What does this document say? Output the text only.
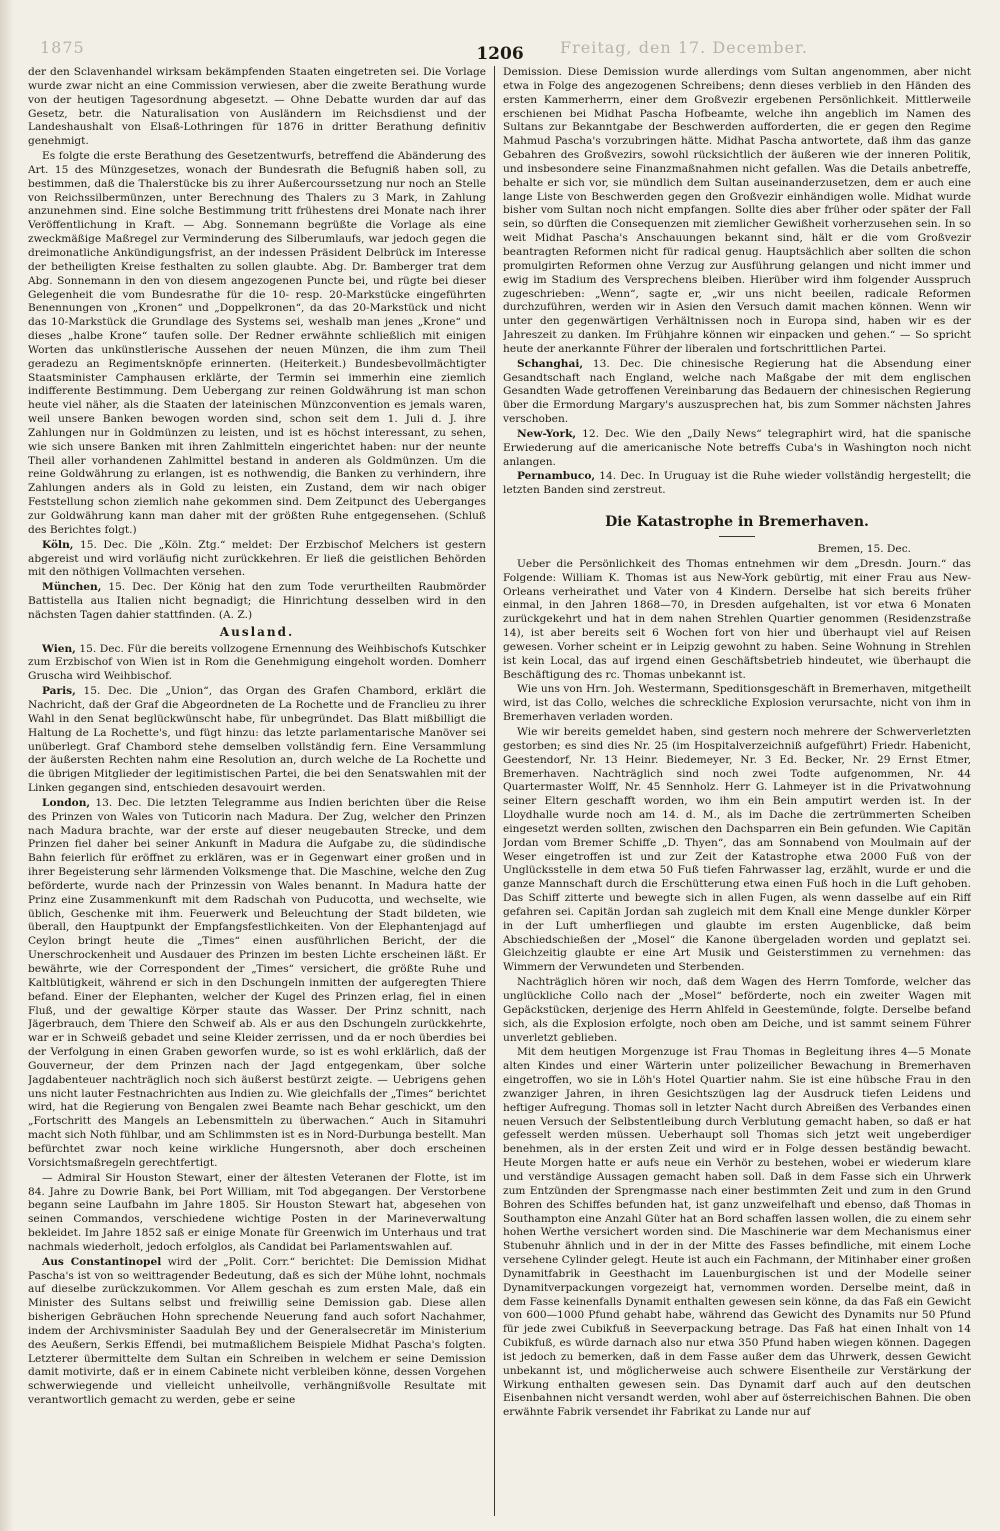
1875	Freitag, den 17. December.
1206

der den Sclavenhandel wirksam bekämpfenden Staaten eingetreten sei. Die Vorlage wurde zwar nicht an eine Commission verwiesen, aber die zweite Berathung wurde von der heutigen Tagesordnung abgesetzt. — Ohne Debatte wurden dar auf das Gesetz, betr. die Naturalisation von Ausländern im Reichsdienst und der Landeshaushalt von Elsaß-Lothringen für 1876 in dritter Berathung definitiv genehmigt.

Es folgte die erste Berathung des Gesetzentwurfs, betreffend die Abänderung des Art. 15 des Münzgesetzes, wonach der Bundesrath die Befugniß haben soll, zu bestimmen, daß die Thalerstücke bis zu ihrer Außercourssetzung nur noch an Stelle von Reichssilbermünzen, unter Berechnung des Thalers zu 3 Mark, in Zahlung anzunehmen sind. Eine solche Bestimmung tritt frühestens drei Monate nach ihrer Veröffentlichung in Kraft. — Abg. Sonnemann begrüßte die Vorlage als eine zweckmäßige Maßregel zur Verminderung des Silberumlaufs, war jedoch gegen die dreimonatliche Ankündigungsfrist, an der indessen Präsident Delbrück im Interesse der betheiligten Kreise festhalten zu sollen glaubte. Abg. Dr. Bamberger trat dem Abg. Sonnemann in den von diesem angezogenen Puncte bei, und rügte bei dieser Gelegenheit die vom Bundesrathe für die 10- resp. 20-Markstücke eingeführten Benennungen von „Kronen“ und „Doppelkronen“, da das 20-Markstück und nicht das 10-Markstück die Grundlage des Systems sei, weshalb man jenes „Krone“ und dieses „halbe Krone“ taufen solle. Der Redner erwähnte schließlich mit einigen Worten das unkünstlerische Aussehen der neuen Münzen, die ihm zum Theil geradezu an Regimentsknöpfe erinnerten. (Heiterkeit.) Bundesbevollmächtigter Staatsminister Camphausen erklärte, der Termin sei immerhin eine ziemlich indifferente Bestimmung. Dem Uebergang zur reinen Goldwährung ist man schon heute viel näher, als die Staaten der lateinischen Münzconvention es jemals waren, weil unsere Banken bewogen worden sind, schon seit dem 1. Juli d. J. ihre Zahlungen nur in Goldmünzen zu leisten, und ist es höchst interessant, zu sehen, wie sich unsere Banken mit ihren Zahlmitteln eingerichtet haben: nur der neunte Theil aller vorhandenen Zahlmittel bestand in anderen als Goldmünzen. Um die reine Goldwährung zu erlangen, ist es nothwendig, die Banken zu verhindern, ihre Zahlungen anders als in Gold zu leisten, ein Zustand, dem wir nach obiger Feststellung schon ziemlich nahe gekommen sind. Dem Zeitpunct des Ueberganges zur Goldwährung kann man daher mit der größten Ruhe entgegensehen. (Schluß des Berichtes folgt.)

Köln, 15. Dec. Die „Köln. Ztg.“ meldet: Der Erzbischof Melchers ist gestern abgereist und wird vorläufig nicht zurückkehren. Er ließ die geistlichen Behörden mit den nöthigen Vollmachten versehen.

München, 15. Dec. Der König hat den zum Tode verurtheilten Raubmörder Battistella aus Italien nicht begnadigt; die Hinrichtung desselben wird in den nächsten Tagen dahier stattfinden. (A. Z.)

Ausland.

Wien, 15. Dec. Für die bereits vollzogene Ernennung des Weihbischofs Kutschker zum Erzbischof von Wien ist in Rom die Genehmigung eingeholt worden. Domherr Gruscha wird Weihbischof.

Paris, 15. Dec. Die „Union“, das Organ des Grafen Chambord, erklärt die Nachricht, daß der Graf die Abgeordneten de La Rochette und de Franclieu zu ihrer Wahl in den Senat beglückwünscht habe, für unbegründet. Das Blatt mißbilligt die Haltung de La Rochette's, und fügt hinzu: das letzte parlamentarische Manöver sei unüberlegt. Graf Chambord stehe demselben vollständig fern. Eine Versammlung der äußersten Rechten nahm eine Resolution an, durch welche de La Rochette und die übrigen Mitglieder der legitimistischen Partei, die bei den Senatswahlen mit der Linken gegangen sind, entschieden desavouirt werden.

London, 13. Dec. Die letzten Telegramme aus Indien berichten über die Reise des Prinzen von Wales von Tuticorin nach Madura. Der Zug, welcher den Prinzen nach Madura brachte, war der erste auf dieser neugebauten Strecke, und dem Prinzen fiel daher bei seiner Ankunft in Madura die Aufgabe zu, die südindische Bahn feierlich für eröffnet zu erklären, was er in Gegenwart einer großen und in ihrer Begeisterung sehr lärmenden Volksmenge that. Die Maschine, welche den Zug beförderte, wurde nach der Prinzessin von Wales benannt. In Madura hatte der Prinz eine Zusammenkunft mit dem Radschah von Puducotta, und wechselte, wie üblich, Geschenke mit ihm. Feuerwerk und Beleuchtung der Stadt bildeten, wie überall, den Hauptpunkt der Empfangsfestlichkeiten. Von der Elephantenjagd auf Ceylon bringt heute die „Times“ einen ausführlichen Bericht, der die Unerschrockenheit und Ausdauer des Prinzen im besten Lichte erscheinen läßt. Er bewährte, wie der Correspondent der „Times“ versichert, die größte Ruhe und Kaltblütigkeit, während er sich in den Dschungeln inmitten der aufgeregten Thiere befand. Einer der Elephanten, welcher der Kugel des Prinzen erlag, fiel in einen Fluß, und der gewaltige Körper staute das Wasser. Der Prinz schnitt, nach Jägerbrauch, dem Thiere den Schweif ab. Als er aus den Dschungeln zurückkehrte, war er in Schweiß gebadet und seine Kleider zerrissen, und da er noch überdies bei der Verfolgung in einen Graben geworfen wurde, so ist es wohl erklärlich, daß der Gouverneur, der dem Prinzen nach der Jagd entgegenkam, über solche Jagdabenteuer nachträglich noch sich äußerst bestürzt zeigte. — Uebrigens gehen uns nicht lauter Festnachrichten aus Indien zu. Wie gleichfalls der „Times“ berichtet wird, hat die Regierung von Bengalen zwei Beamte nach Behar geschickt, um den „Fortschritt des Mangels an Lebensmitteln zu überwachen.“ Auch in Sitamuhri macht sich Noth fühlbar, und am Schlimmsten ist es in Nord-Durbunga bestellt. Man befürchtet zwar noch keine wirkliche Hungersnoth, aber doch erscheinen Vorsichtsmaßregeln gerechtfertigt.

— Admiral Sir Houston Stewart, einer der ältesten Veteranen der Flotte, ist im 84. Jahre zu Dowrie Bank, bei Port William, mit Tod abgegangen. Der Verstorbene begann seine Laufbahn im Jahre 1805. Sir Houston Stewart hat, abgesehen von seinen Commandos, verschiedene wichtige Posten in der Marineverwaltung bekleidet. Im Jahre 1852 saß er einige Monate für Greenwich im Unterhaus und trat nachmals wiederholt, jedoch erfolglos, als Candidat bei Parlamentswahlen auf.

Aus Constantinopel wird der „Polit. Corr.“ berichtet: Die Demission Midhat Pascha's ist von so weittragender Bedeutung, daß es sich der Mühe lohnt, nochmals auf dieselbe zurückzukommen. Vor Allem geschah es zum ersten Male, daß ein Minister des Sultans selbst und freiwillig seine Demission gab. Diese allen bisherigen Gebräuchen Hohn sprechende Neuerung fand auch sofort Nachahmer, indem der Archivsminister Saadulah Bey und der Generalsecretär im Ministerium des Aeußern, Serkis Effendi, bei mutmaßlichem Beispiele Midhat Pascha's folgten. Letzterer übermittelte dem Sultan ein Schreiben in welchem er seine Demission damit motivirte, daß er in einem Cabinete nicht verbleiben könne, dessen Vorgehen schwerwiegende und vielleicht unheilvolle, verhängnißvolle Resultate mit verantwortlich gemacht zu werden, gebe er seine

Demission. Diese Demission wurde allerdings vom Sultan angenommen, aber nicht etwa in Folge des angezogenen Schreibens; denn dieses verblieb in den Händen des ersten Kammerherrn, einer dem Großvezir ergebenen Persönlichkeit. Mittlerweile erschienen bei Midhat Pascha Hofbeamte, welche ihn angeblich im Namen des Sultans zur Bekanntgabe der Beschwerden aufforderten, die er gegen den Regime Mahmud Pascha's vorzubringen hätte. Midhat Pascha antwortete, daß ihm das ganze Gebahren des Großvezirs, sowohl rücksichtlich der äußeren wie der inneren Politik, und insbesondere seine Finanzmaßnahmen nicht gefallen. Was die Details anbetreffe, behalte er sich vor, sie mündlich dem Sultan auseinanderzusetzen, dem er auch eine lange Liste von Beschwerden gegen den Großvezir einhändigen wolle. Midhat wurde bisher vom Sultan noch nicht empfangen. Sollte dies aber früher oder später der Fall sein, so dürften die Consequenzen mit ziemlicher Gewißheit vorherzusehen sein. In so weit Midhat Pascha's Anschauungen bekannt sind, hält er die vom Großvezir beantragten Reformen nicht für radical genug. Hauptsächlich aber sollten die schon promulgirten Reformen ohne Verzug zur Ausführung gelangen und nicht immer und ewig im Stadium des Versprechens bleiben. Hierüber wird ihm folgender Ausspruch zugeschrieben: „Wenn“, sagte er, „wir uns nicht beeilen, radicale Reformen durchzuführen, werden wir in Asien den Versuch damit machen können. Wenn wir unter den gegenwärtigen Verhältnissen noch in Europa sind, haben wir es der Jahreszeit zu danken. Im Frühjahre können wir einpacken und gehen.“ — So spricht heute der anerkannte Führer der liberalen und fortschrittlichen Partei.

Schanghai, 13. Dec. Die chinesische Regierung hat die Absendung einer Gesandtschaft nach England, welche nach Maßgabe der mit dem englischen Gesandten Wade getroffenen Vereinbarung das Bedauern der chinesischen Regierung über die Ermordung Margary's auszusprechen hat, bis zum Sommer nächsten Jahres verschoben.

New-York, 12. Dec. Wie den „Daily News“ telegraphirt wird, hat die spanische Erwiederung auf die americanische Note betreffs Cuba's in Washington noch nicht anlangen.

Pernambuco, 14. Dec. In Uruguay ist die Ruhe wieder vollständig hergestellt; die letzten Banden sind zerstreut.

Die Katastrophe in Bremerhaven.

Bremen, 15. Dec.

Ueber die Persönlichkeit des Thomas entnehmen wir dem „Dresdn. Journ.“ das Folgende: William K. Thomas ist aus New-York gebürtig, mit einer Frau aus New-Orleans verheirathet und Vater von 4 Kindern. Derselbe hat sich bereits früher einmal, in den Jahren 1868—70, in Dresden aufgehalten, ist vor etwa 6 Monaten zurückgekehrt und hat in dem nahen Strehlen Quartier genommen (Residenzstraße 14), ist aber bereits seit 6 Wochen fort von hier und überhaupt viel auf Reisen gewesen. Vorher scheint er in Leipzig gewohnt zu haben. Seine Wohnung in Strehlen ist kein Local, das auf irgend einen Geschäftsbetrieb hindeutet, wie überhaupt die Beschäftigung des rc. Thomas unbekannt ist.

Wie uns von Hrn. Joh. Westermann, Speditionsgeschäft in Bremerhaven, mitgetheilt wird, ist das Collo, welches die schreckliche Explosion verursachte, nicht von ihm in Bremerhaven verladen worden.

Wie wir bereits gemeldet haben, sind gestern noch mehrere der Schwerverletzten gestorben; es sind dies Nr. 25 (im Hospitalverzeichniß aufgeführt) Friedr. Habenicht, Geestendorf, Nr. 13 Heinr. Biedemeyer, Nr. 3 Ed. Becker, Nr. 29 Ernst Etmer, Bremerhaven. Nachträglich sind noch zwei Todte aufgenommen, Nr. 44 Quartermaster Wolff, Nr. 45 Sennholz. Herr G. Lahmeyer ist in die Privatwohnung seiner Eltern geschafft worden, wo ihm ein Bein amputirt werden ist. In der Lloydhalle wurde noch am 14. d. M., als im Dache die zertrümmerten Scheiben eingesetzt werden sollten, zwischen den Dachsparren ein Bein gefunden. Wie Capitän Jordan vom Bremer Schiffe „D. Thyen“, das am Sonnabend von Moulmain auf der Weser eingetroffen ist und zur Zeit der Katastrophe etwa 2000 Fuß von der Unglücksstelle in dem etwa 50 Fuß tiefen Fahrwasser lag, erzählt, wurde er und die ganze Mannschaft durch die Erschütterung etwa einen Fuß hoch in die Luft gehoben. Das Schiff zitterte und bewegte sich in allen Fugen, als wenn dasselbe auf ein Riff gefahren sei. Capitän Jordan sah zugleich mit dem Knall eine Menge dunkler Körper in der Luft umherfliegen und glaubte im ersten Augenblicke, daß beim Abschiedschießen der „Mosel“ die Kanone übergeladen worden und geplatzt sei. Gleichzeitig glaubte er eine Art Musik und Geisterstimmen zu vernehmen: das Wimmern der Verwundeten und Sterbenden.

Nachträglich hören wir noch, daß dem Wagen des Herrn Tomforde, welcher das unglückliche Collo nach der „Mosel“ beförderte, noch ein zweiter Wagen mit Gepäckstücken, derjenige des Herrn Ahlfeld in Geestemünde, folgte. Derselbe befand sich, als die Explosion erfolgte, noch oben am Deiche, und ist sammt seinem Führer unverletzt geblieben.

Mit dem heutigen Morgenzuge ist Frau Thomas in Begleitung ihres 4—5 Monate alten Kindes und einer Wärterin unter polizeilicher Bewachung in Bremerhaven eingetroffen, wo sie in Löh's Hotel Quartier nahm. Sie ist eine hübsche Frau in den zwanziger Jahren, in ihren Gesichtszügen lag der Ausdruck tiefen Leidens und heftiger Aufregung. Thomas soll in letzter Nacht durch Abreißen des Verbandes einen neuen Versuch der Selbstentleibung durch Verblutung gemacht haben, so daß er hat gefesselt werden müssen. Ueberhaupt soll Thomas sich jetzt weit ungeberdiger benehmen, als in der ersten Zeit und wird er in Folge dessen beständig bewacht. Heute Morgen hatte er aufs neue ein Verhör zu bestehen, wobei er wiederum klare und verständige Aussagen gemacht haben soll. Daß in dem Fasse sich ein Uhrwerk zum Entzünden der Sprengmasse nach einer bestimmten Zeit und zum in den Grund Bohren des Schiffes befunden hat, ist ganz unzweifelhaft und ebenso, daß Thomas in Southampton eine Anzahl Güter hat an Bord schaffen lassen wollen, die zu einem sehr hohen Werthe versichert worden sind. Die Maschinerie war dem Mechanismus einer Stubenuhr ähnlich und in der in der Mitte des Fasses befindliche, mit einem Loche versehene Cylinder gelegt. Heute ist auch ein Fachmann, der Mitinhaber einer großen Dynamitfabrik in Geesthacht im Lauenburgischen ist und der Modelle seiner Dynamitverpackungen vorgezeigt hat, vernommen worden. Derselbe meint, daß in dem Fasse keinenfalls Dynamit enthalten gewesen sein könne, da das Faß ein Gewicht von 600—1000 Pfund gehabt habe, während das Gewicht des Dynamits nur 50 Pfund für jede zwei Cubikfuß in Seeverpackung betrage. Das Faß hat einen Inhalt von 14 Cubikfuß, es würde darnach also nur etwa 350 Pfund haben wiegen können. Dagegen ist jedoch zu bemerken, daß in dem Fasse außer dem das Uhrwerk, dessen Gewicht unbekannt ist, und möglicherweise auch schwere Eisentheile zur Verstärkung der Wirkung enthalten gewesen sein. Das Dynamit darf auch auf den deutschen Eisenbahnen nicht versandt werden, wohl aber auf österreichischen Bahnen. Die oben erwähnte Fabrik versendet ihr Fabrikat zu Lande nur auf
